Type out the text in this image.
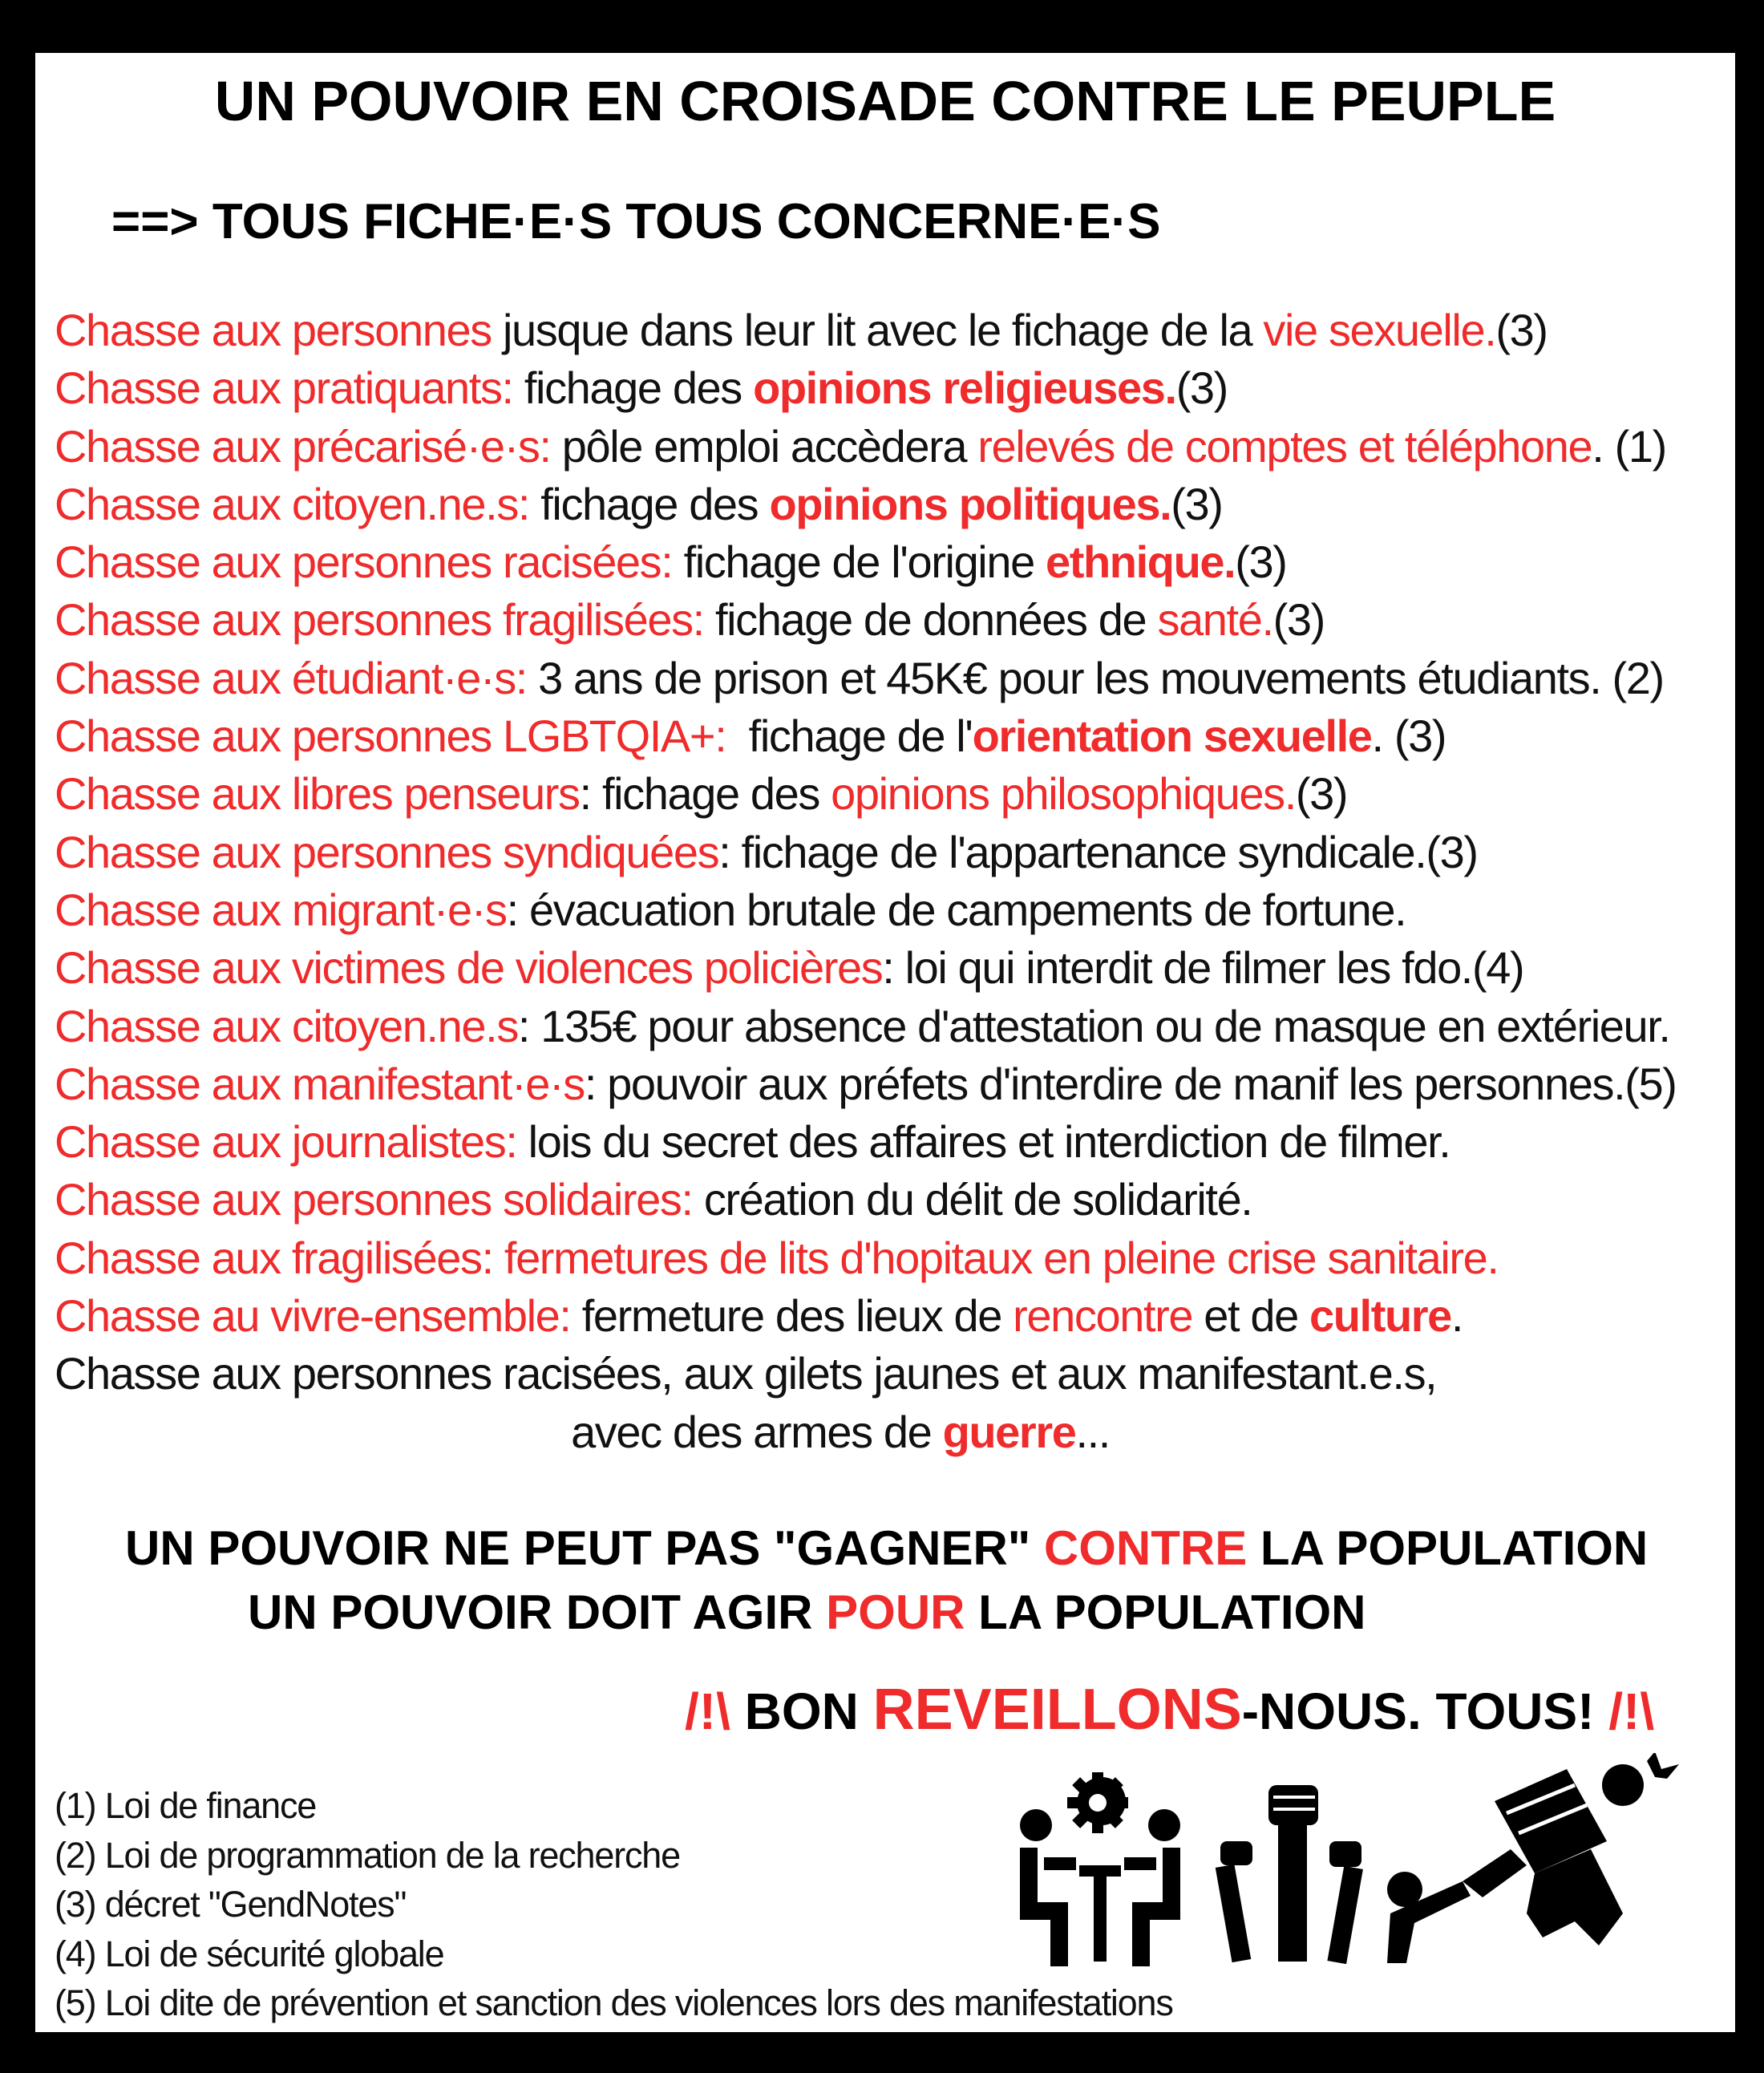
UN POUVOIR EN CROISADE CONTRE LE PEUPLE
==> TOUS FICHE·E·S TOUS CONCERNE·E·S
Chasse aux personnes jusque dans leur lit avec le fichage de la vie sexuelle.(3)
Chasse aux pratiquants: fichage des opinions religieuses.(3)
Chasse aux précarisé·e·s: pôle emploi accèdera relevés de comptes et téléphone. (1)
Chasse aux citoyen.ne.s: fichage des opinions politiques.(3)
Chasse aux personnes racisées: fichage de l'origine ethnique.(3)
Chasse aux personnes fragilisées: fichage de données de santé.(3)
Chasse aux étudiant·e·s: 3 ans de prison et 45K€ pour les mouvements étudiants. (2)
Chasse aux personnes LGBTQIA+:  fichage de l'orientation sexuelle. (3)
Chasse aux libres penseurs: fichage des opinions philosophiques.(3)
Chasse aux personnes syndiquées: fichage de l'appartenance syndicale.(3)
Chasse aux migrant·e·s: évacuation brutale de campements de fortune.
Chasse aux victimes de violences policières: loi qui interdit de filmer les fdo.(4)
Chasse aux citoyen.ne.s: 135€ pour absence d'attestation ou de masque en extérieur.
Chasse aux manifestant·e·s: pouvoir aux préfets d'interdire de manif les personnes.(5)
Chasse aux journalistes: lois du secret des affaires et interdiction de filmer.
Chasse aux personnes solidaires: création du délit de solidarité.
Chasse aux fragilisées: fermetures de lits d'hopitaux en pleine crise sanitaire.
Chasse au vivre-ensemble: fermeture des lieux de rencontre et de culture.
Chasse aux personnes racisées, aux gilets jaunes et aux manifestant.e.s,
avec des armes de guerre...
UN POUVOIR NE PEUT PAS "GAGNER" CONTRE LA POPULATION
UN POUVOIR DOIT AGIR POUR LA POPULATION
/!\ BON REVEILLONS-NOUS. TOUS! /!\
(1) Loi de finance
(2) Loi de programmation de la recherche
(3) décret "GendNotes"
(4) Loi de sécurité globale
(5) Loi dite de prévention et sanction des violences lors des manifestations
